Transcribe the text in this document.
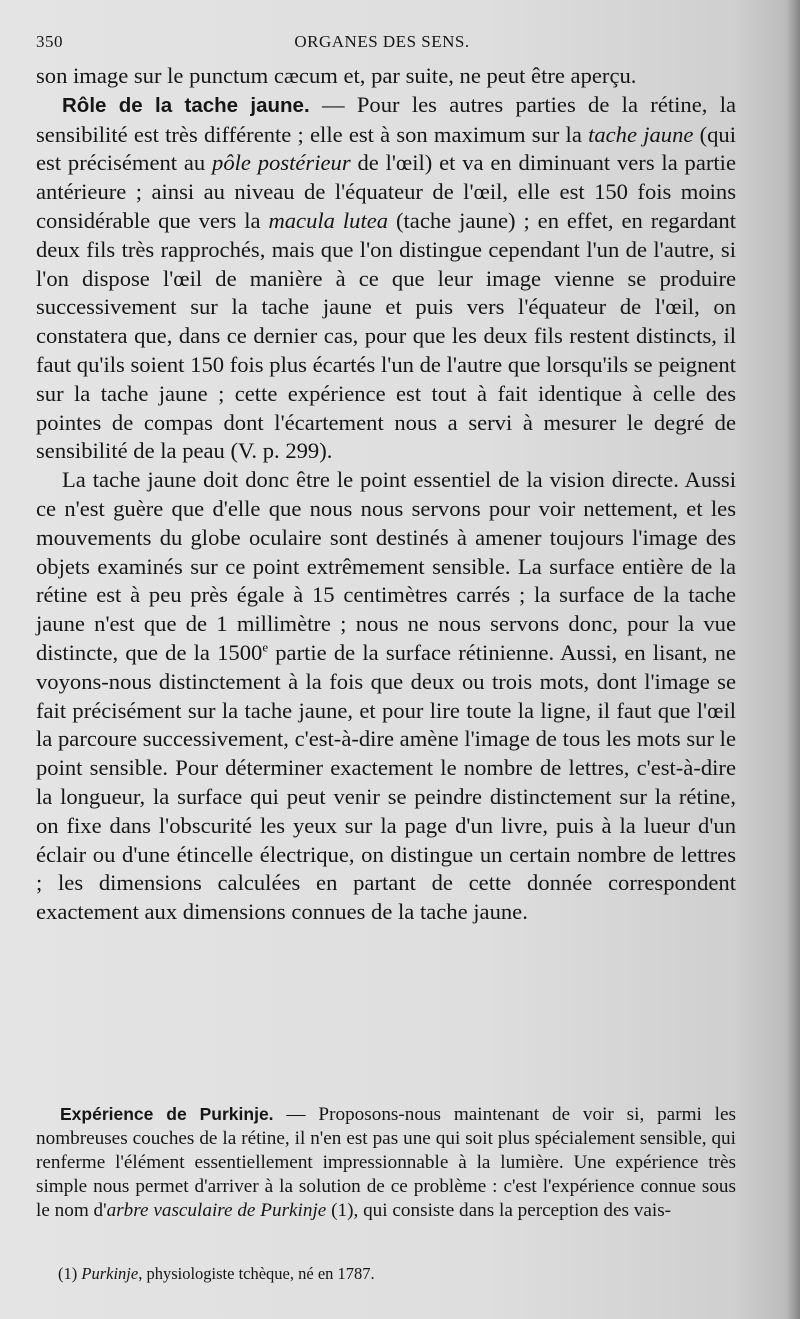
350	ORGANES DES SENS.

son image sur le punctum cæcum et, par suite, ne peut être aperçu.

Rôle de la tache jaune. — Pour les autres parties de la rétine, la sensibilité est très différente ; elle est à son maximum sur la tache jaune (qui est précisément au pôle postérieur de l'œil) et va en diminuant vers la partie antérieure ; ainsi au niveau de l'équateur de l'œil, elle est 150 fois moins considérable que vers la macula lutea (tache jaune) ; en effet, en regardant deux fils très rapprochés, mais que l'on distingue cependant l'un de l'autre, si l'on dispose l'œil de manière à ce que leur image vienne se produire successivement sur la tache jaune et puis vers l'équateur de l'œil, on constatera que, dans ce dernier cas, pour que les deux fils restent distincts, il faut qu'ils soient 150 fois plus écartés l'un de l'autre que lorsqu'ils se peignent sur la tache jaune ; cette expérience est tout à fait identique à celle des pointes de compas dont l'écartement nous a servi à mesurer le degré de sensibilité de la peau (V. p. 299).

La tache jaune doit donc être le point essentiel de la vision directe. Aussi ce n'est guère que d'elle que nous nous servons pour voir nettement, et les mouvements du globe oculaire sont destinés à amener toujours l'image des objets examinés sur ce point extrêmement sensible. La surface entière de la rétine est à peu près égale à 15 centimètres carrés ; la surface de la tache jaune n'est que de 1 millimètre ; nous ne nous servons donc, pour la vue distincte, que de la 1500e partie de la surface rétinienne. Aussi, en lisant, ne voyons-nous distinctement à la fois que deux ou trois mots, dont l'image se fait précisément sur la tache jaune, et pour lire toute la ligne, il faut que l'œil la parcoure successivement, c'est-à-dire amène l'image de tous les mots sur le point sensible. Pour déterminer exactement le nombre de lettres, c'est-à-dire la longueur, la surface qui peut venir se peindre distinctement sur la rétine, on fixe dans l'obscurité les yeux sur la page d'un livre, puis à la lueur d'un éclair ou d'une étincelle électrique, on distingue un certain nombre de lettres ; les dimensions calculées en partant de cette donnée correspondent exactement aux dimensions connues de la tache jaune.

Expérience de Purkinje. — Proposons-nous maintenant de voir si, parmi les nombreuses couches de la rétine, il n'en est pas une qui soit plus spécialement sensible, qui renferme l'élément essentiellement impressionnable à la lumière. Une expérience très simple nous permet d'arriver à la solution de ce problème : c'est l'expérience connue sous le nom d'arbre vasculaire de Purkinje (1), qui consiste dans la perception des vais-

(1) Purkinje, physiologiste tchèque, né en 1787.
